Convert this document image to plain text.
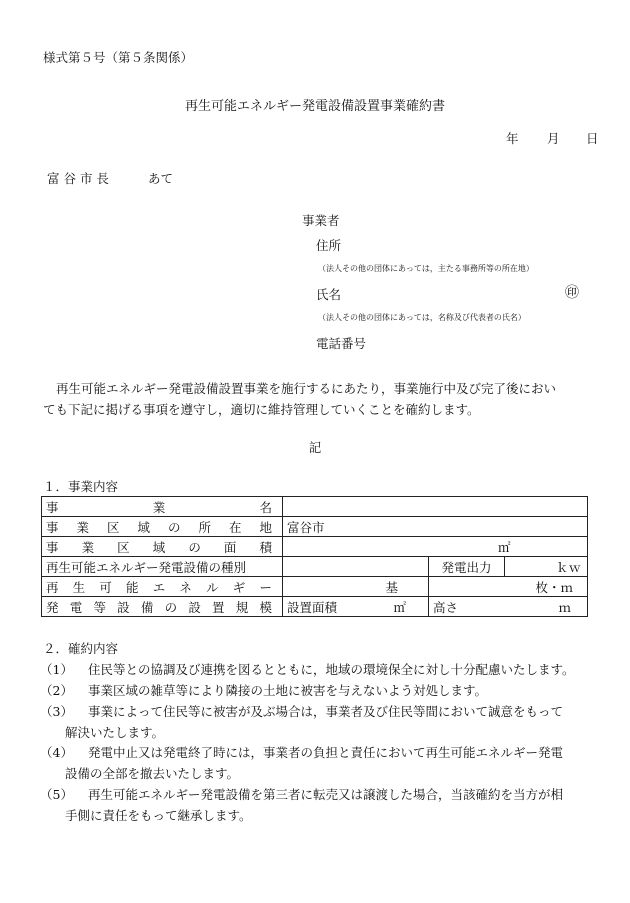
様式第５号（第５条関係）
再生可能エネルギー発電設備設置事業確約書
年 月 日
富 谷 市 長	あて
事業者
住所
（法人その他の団体にあっては，主たる事務所等の所在地）
氏名	㊞
（法人その他の団体にあっては，名称及び代表者の氏名）
電話番号
再生可能エネルギー発電設備設置事業を施行するにあたり，事業施行中及び完了後におい
ても下記に掲げる事項を遵守し，適切に維持管理していくことを確約します。
記
１．事業内容
事業名			

事業区域の所在地	富谷市		

事業区域の面積	㎡		
再生可能エネルギー発電設備の種別		発電出力	ｋｗ

再生可能エネルギー	基	枚・ｍ	

発電等設備の設置規模	設置面積 ㎡	高さ ｍ	
２．確約内容
（1） 住民等との協調及び連携を図るとともに，地域の環境保全に対し十分配慮いたします。
（2） 事業区域の雑草等により隣接の土地に被害を与えないよう対処します。
（3） 事業によって住民等に被害が及ぶ場合は，事業者及び住民等間において誠意をもって
解決いたします。
（4） 発電中止又は発電終了時には，事業者の負担と責任において再生可能エネルギー発電
設備の全部を撤去いたします。
（5） 再生可能エネルギー発電設備を第三者に転売又は譲渡した場合，当該確約を当方が相
手側に責任をもって継承します。
